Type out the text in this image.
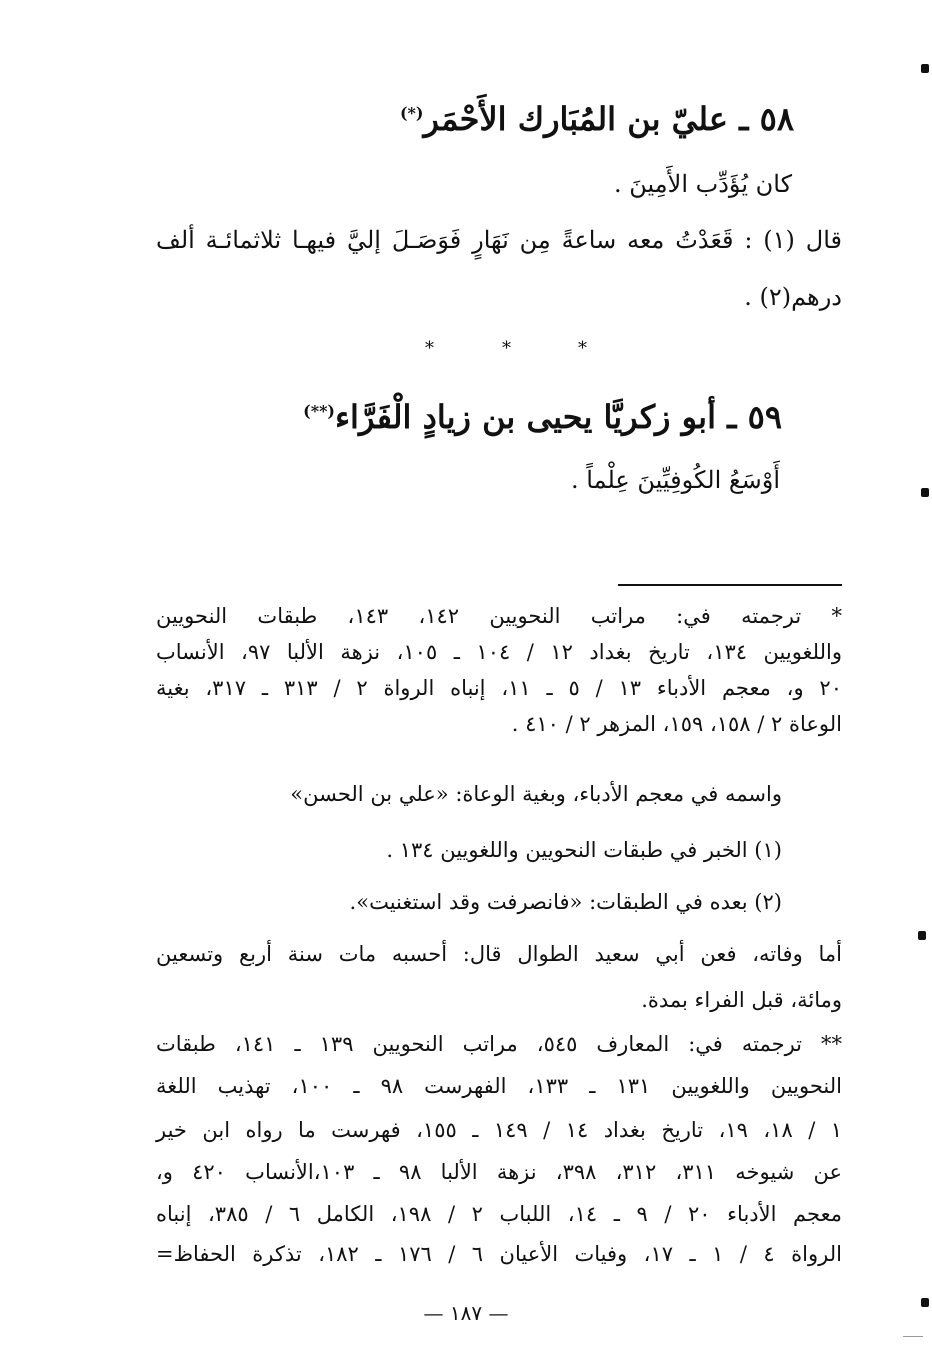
٥٨ ـ عليّ بن المُبَارك الأَحْمَر(*)
كان يُؤَدِّب الأَمِينَ .
قال (١) : قَعَدْتُ معه ساعةً مِن نَهَارٍ فَوَصَـلَ إليَّ فيهـا ثلاثمائـة ألف
درهم(٢) .
*	*	*
٥٩ ـ أبو زكريَّا يحيى بن زيادٍ الْفَرَّاء(**)
أَوْسَعُ الكُوفِيِّينَ عِلْماً .
* ترجمته في: مراتب النحويين ١٤٢، ١٤٣، طبقات النحويين
واللغويين ١٣٤، تاريخ بغداد ١٢ / ١٠٤ ـ ١٠٥، نزهة الألبا ٩٧، الأنساب
٢٠ و، معجم الأدباء ١٣ / ٥ ـ ١١، إنباه الرواة ٢ / ٣١٣ ـ ٣١٧، بغية
الوعاة ٢ / ١٥٨، ١٥٩، المزهر ٢ / ٤١٠ .
واسمه في معجم الأدباء، وبغية الوعاة: «علي بن الحسن»
(١) الخبر في طبقات النحويين واللغويين ١٣٤ .
(٢) بعده في الطبقات: «فانصرفت وقد استغنيت».
أما وفاته، فعن أبي سعيد الطوال قال: أحسبه مات سنة أربع وتسعين
ومائة، قبل الفراء بمدة.
** ترجمته في: المعارف ٥٤٥، مراتب النحويين ١٣٩ ـ ١٤١، طبقات
النحويين واللغويين ١٣١ ـ ١٣٣، الفهرست ٩٨ ـ ١٠٠، تهذيب اللغة
١ / ١٨، ١٩، تاريخ بغداد ١٤ / ١٤٩ ـ ١٥٥، فهرست ما رواه ابن خير
عن شيوخه ٣١١، ٣١٢، ٣٩٨، نزهة الألبا ٩٨ ـ ١٠٣،الأنساب ٤٢٠ و،
معجم الأدباء ٢٠ / ٩ ـ ١٤، اللباب ٢ / ١٩٨، الكامل ٦ / ٣٨٥، إنباه
الرواة ٤ / ١ ـ ١٧، وفيات الأعيان ٦ / ١٧٦ ـ ١٨٢، تذكرة الحفاظ=
— ١٨٧ —
